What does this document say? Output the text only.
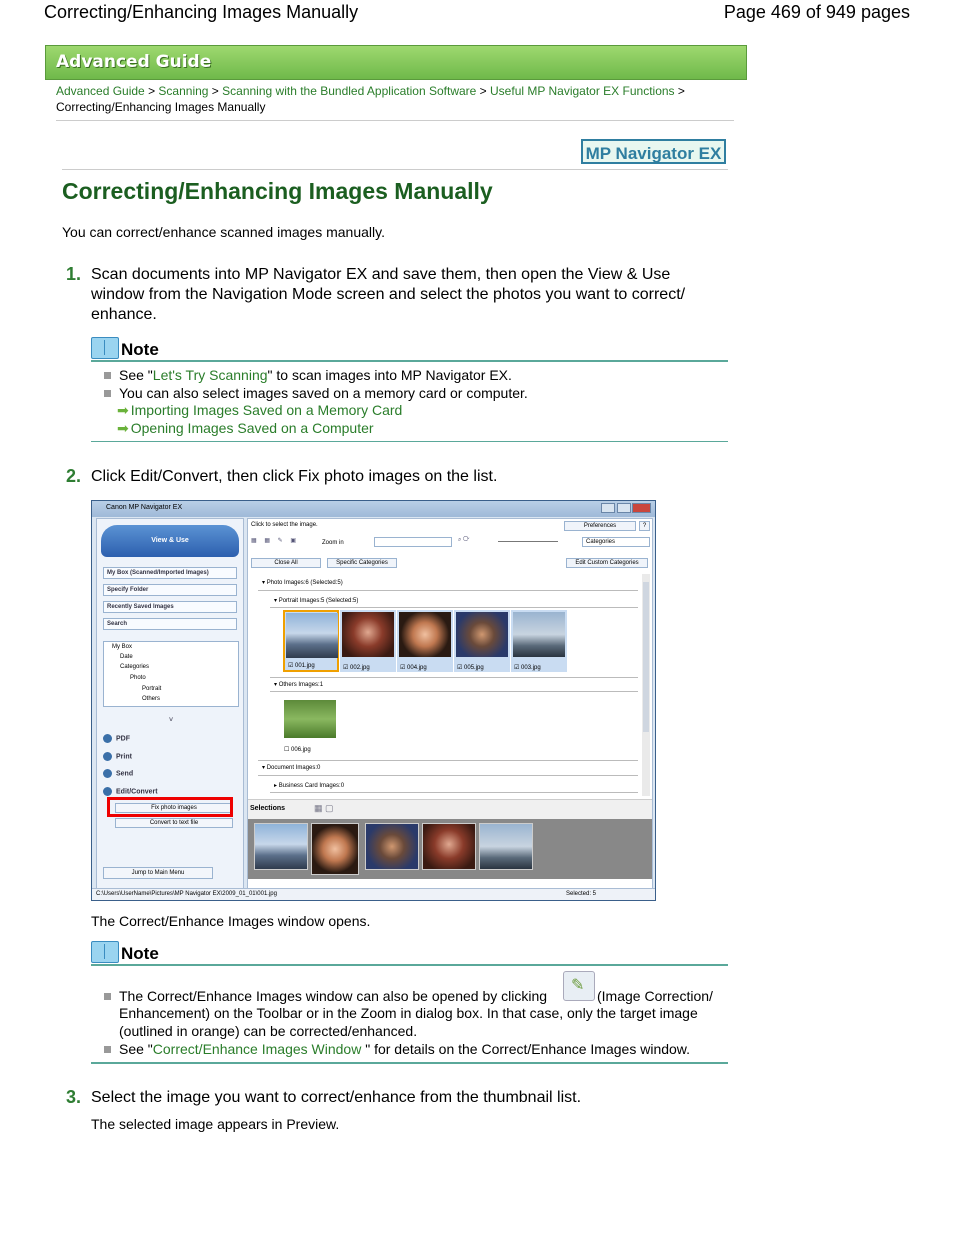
Correcting/Enhancing Images Manually	Page 469 of 949 pages
Advanced Guide
Advanced Guide > Scanning > Scanning with the Bundled Application Software > Useful MP Navigator EX Functions >
Correcting/Enhancing Images Manually
MP Navigator EX
Correcting/Enhancing Images Manually
You can correct/enhance scanned images manually.
1. Scan documents into MP Navigator EX and save them, then open the View & Use
window from the Navigation Mode screen and select the photos you want to correct/
enhance.
Note
See "Let's Try Scanning" to scan images into MP Navigator EX.
You can also select images saved on a memory card or computer.
➡ Importing Images Saved on a Memory Card
➡ Opening Images Saved on a Computer
2. Click Edit/Convert, then click Fix photo images on the list.
Canon MP Navigator EX
View & Use
My Box (Scanned/Imported Images)
Specify Folder
Recently Saved Images
Search
My Box
Date
Categories
Photo
Portrait
Others
˅
PDF
Print
Send
Edit/Convert
Fix photo images
Convert to text file
Jump to Main Menu
Click to select the image.	Preferences	?
▦ ▦ ✎ ▣	Zoom in	⌕ ⟳	Categories
Close All	Specific Categories	Edit Custom Categories
▾ Photo Images:6 (Selected:5)
▾ Portrait Images:5 (Selected:5)
☑ 001.jpg	☑ 002.jpg	☑ 004.jpg	☑ 005.jpg	☑ 003.jpg
▾ Others Images:1
☐ 006.jpg
▾ Document Images:0
▸ Business Card Images:0
Selections	▦ ▢
C:\Users\UserName\Pictures\MP Navigator EX\2009_01_01\001.jpg	Selected: 5
The Correct/Enhance Images window opens.
Note
The Correct/Enhance Images window can also be opened by clicking
✎
(Image Correction/
Enhancement) on the Toolbar or in the Zoom in dialog box. In that case, only the target image
(outlined in orange) can be corrected/enhanced.
See "Correct/Enhance Images Window " for details on the Correct/Enhance Images window.
3. Select the image you want to correct/enhance from the thumbnail list.
The selected image appears in Preview.
